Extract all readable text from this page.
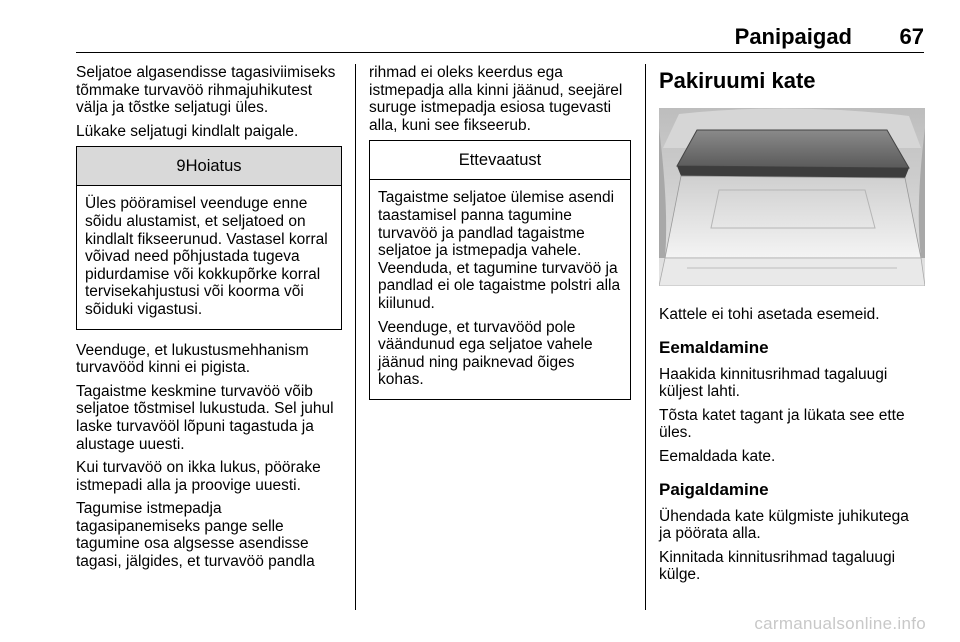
Panipaigad	67

Seljatoe algasendisse tagasiviimiseks tõmmake turvavöö rihmajuhikutest välja ja tõstke seljatugi üles.

Lükake seljatugi kindlalt paigale.

9Hoiatus

Üles pööramisel veenduge enne sõidu alustamist, et seljatoed on kindlalt fikseerunud. Vastasel korral võivad need põhjustada tugeva pidurdamise või kokkupõrke korral tervisekahjustusi või koorma või sõiduki vigastusi.

Veenduge, et lukustusmehhanism turvavööd kinni ei pigista.

Tagaistme keskmine turvavöö võib seljatoe tõstmisel lukustuda. Sel juhul laske turvavööl lõpuni tagastuda ja alustage uuesti.

Kui turvavöö on ikka lukus, pöörake istmepadi alla ja proovige uuesti.

Tagumise istmepadja tagasipanemiseks pange selle tagumine osa algsesse asendisse tagasi, jälgides, et turvavöö pandla

rihmad ei oleks keerdus ega istmepadja alla kinni jäänud, seejärel suruge istmepadja esiosa tugevasti alla, kuni see fikseerub.

Ettevaatust

Tagaistme seljatoe ülemise asendi taastamisel panna tagumine turvavöö ja pandlad tagaistme seljatoe ja istmepadja vahele. Veenduda, et tagumine turvavöö ja pandlad ei ole tagaistme polstri alla kiilunud.

Veenduge, et turvavööd pole väändunud ega seljatoe vahele jäänud ning paiknevad õiges kohas.

Pakiruumi kate

Kattele ei tohi asetada esemeid.

Eemaldamine

Haakida kinnitusrihmad tagaluugi küljest lahti.

Tõsta katet tagant ja lükata see ette üles.

Eemaldada kate.

Paigaldamine

Ühendada kate külgmiste juhikutega ja pöörata alla.

Kinnitada kinnitusrihmad tagaluugi külge.

carmanualsonline.info
